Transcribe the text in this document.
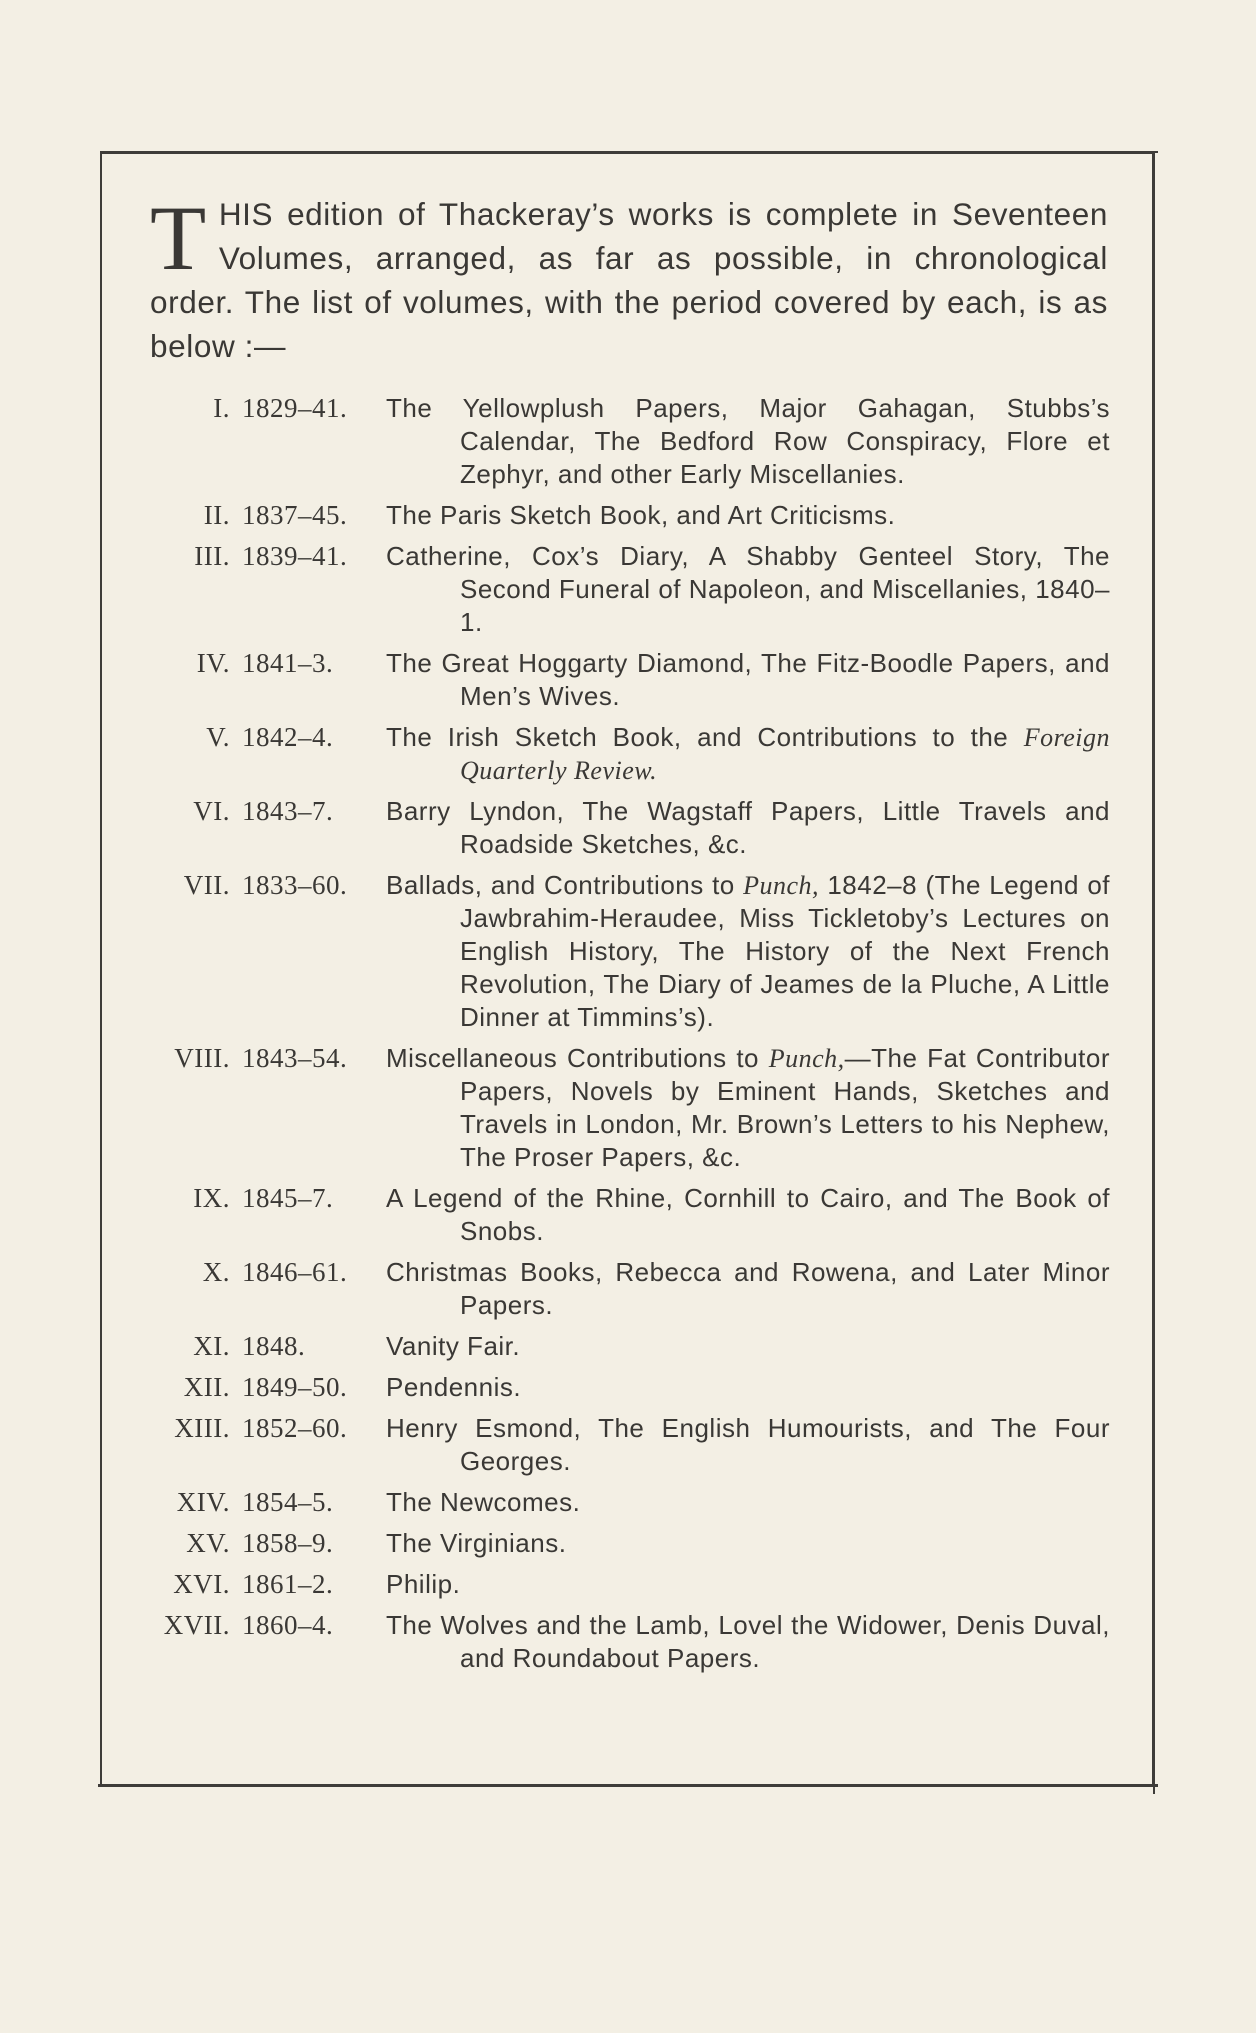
THIS edition of Thackeray’s works is complete in Seventeen Volumes, arranged, as far as possible, in chronological order. The list of volumes, with the period covered by each, is as below :—
I. 1829–41.	The Yellowplush Papers, Major Gahagan, Stubbs’s Calendar, The Bedford Row Conspiracy, Flore et Zephyr, and other Early Miscellanies.
II. 1837–45.	The Paris Sketch Book, and Art Criticisms.
III. 1839–41.	Catherine, Cox’s Diary, A Shabby Genteel Story, The Second Funeral of Napoleon, and Miscellanies, 1840–1.
IV. 1841–3.	The Great Hoggarty Diamond, The Fitz-Boodle Papers, and Men’s Wives.
V. 1842–4.	The Irish Sketch Book, and Contributions to the Foreign Quarterly Review.
VI. 1843–7.	Barry Lyndon, The Wagstaff Papers, Little Travels and Roadside Sketches, &c.
VII. 1833–60.	Ballads, and Contributions to Punch, 1842–8 (The Legend of Jawbrahim-Heraudee, Miss Tickletoby’s Lectures on English History, The History of the Next French Revolution, The Diary of Jeames de la Pluche, A Little Dinner at Timmins’s).
VIII. 1843–54.	Miscellaneous Contributions to Punch,—The Fat Contributor Papers, Novels by Eminent Hands, Sketches and Travels in London, Mr. Brown’s Letters to his Nephew, The Proser Papers, &c.
IX. 1845–7.	A Legend of the Rhine, Cornhill to Cairo, and The Book of Snobs.
X. 1846–61.	Christmas Books, Rebecca and Rowena, and Later Minor Papers.
XI. 1848.	Vanity Fair.
XII. 1849–50.	Pendennis.
XIII. 1852–60.	Henry Esmond, The English Humourists, and The Four Georges.
XIV. 1854–5.	The Newcomes.
XV. 1858–9.	The Virginians.
XVI. 1861–2.	Philip.
XVII. 1860–4.	The Wolves and the Lamb, Lovel the Widower, Denis Duval, and Roundabout Papers.
